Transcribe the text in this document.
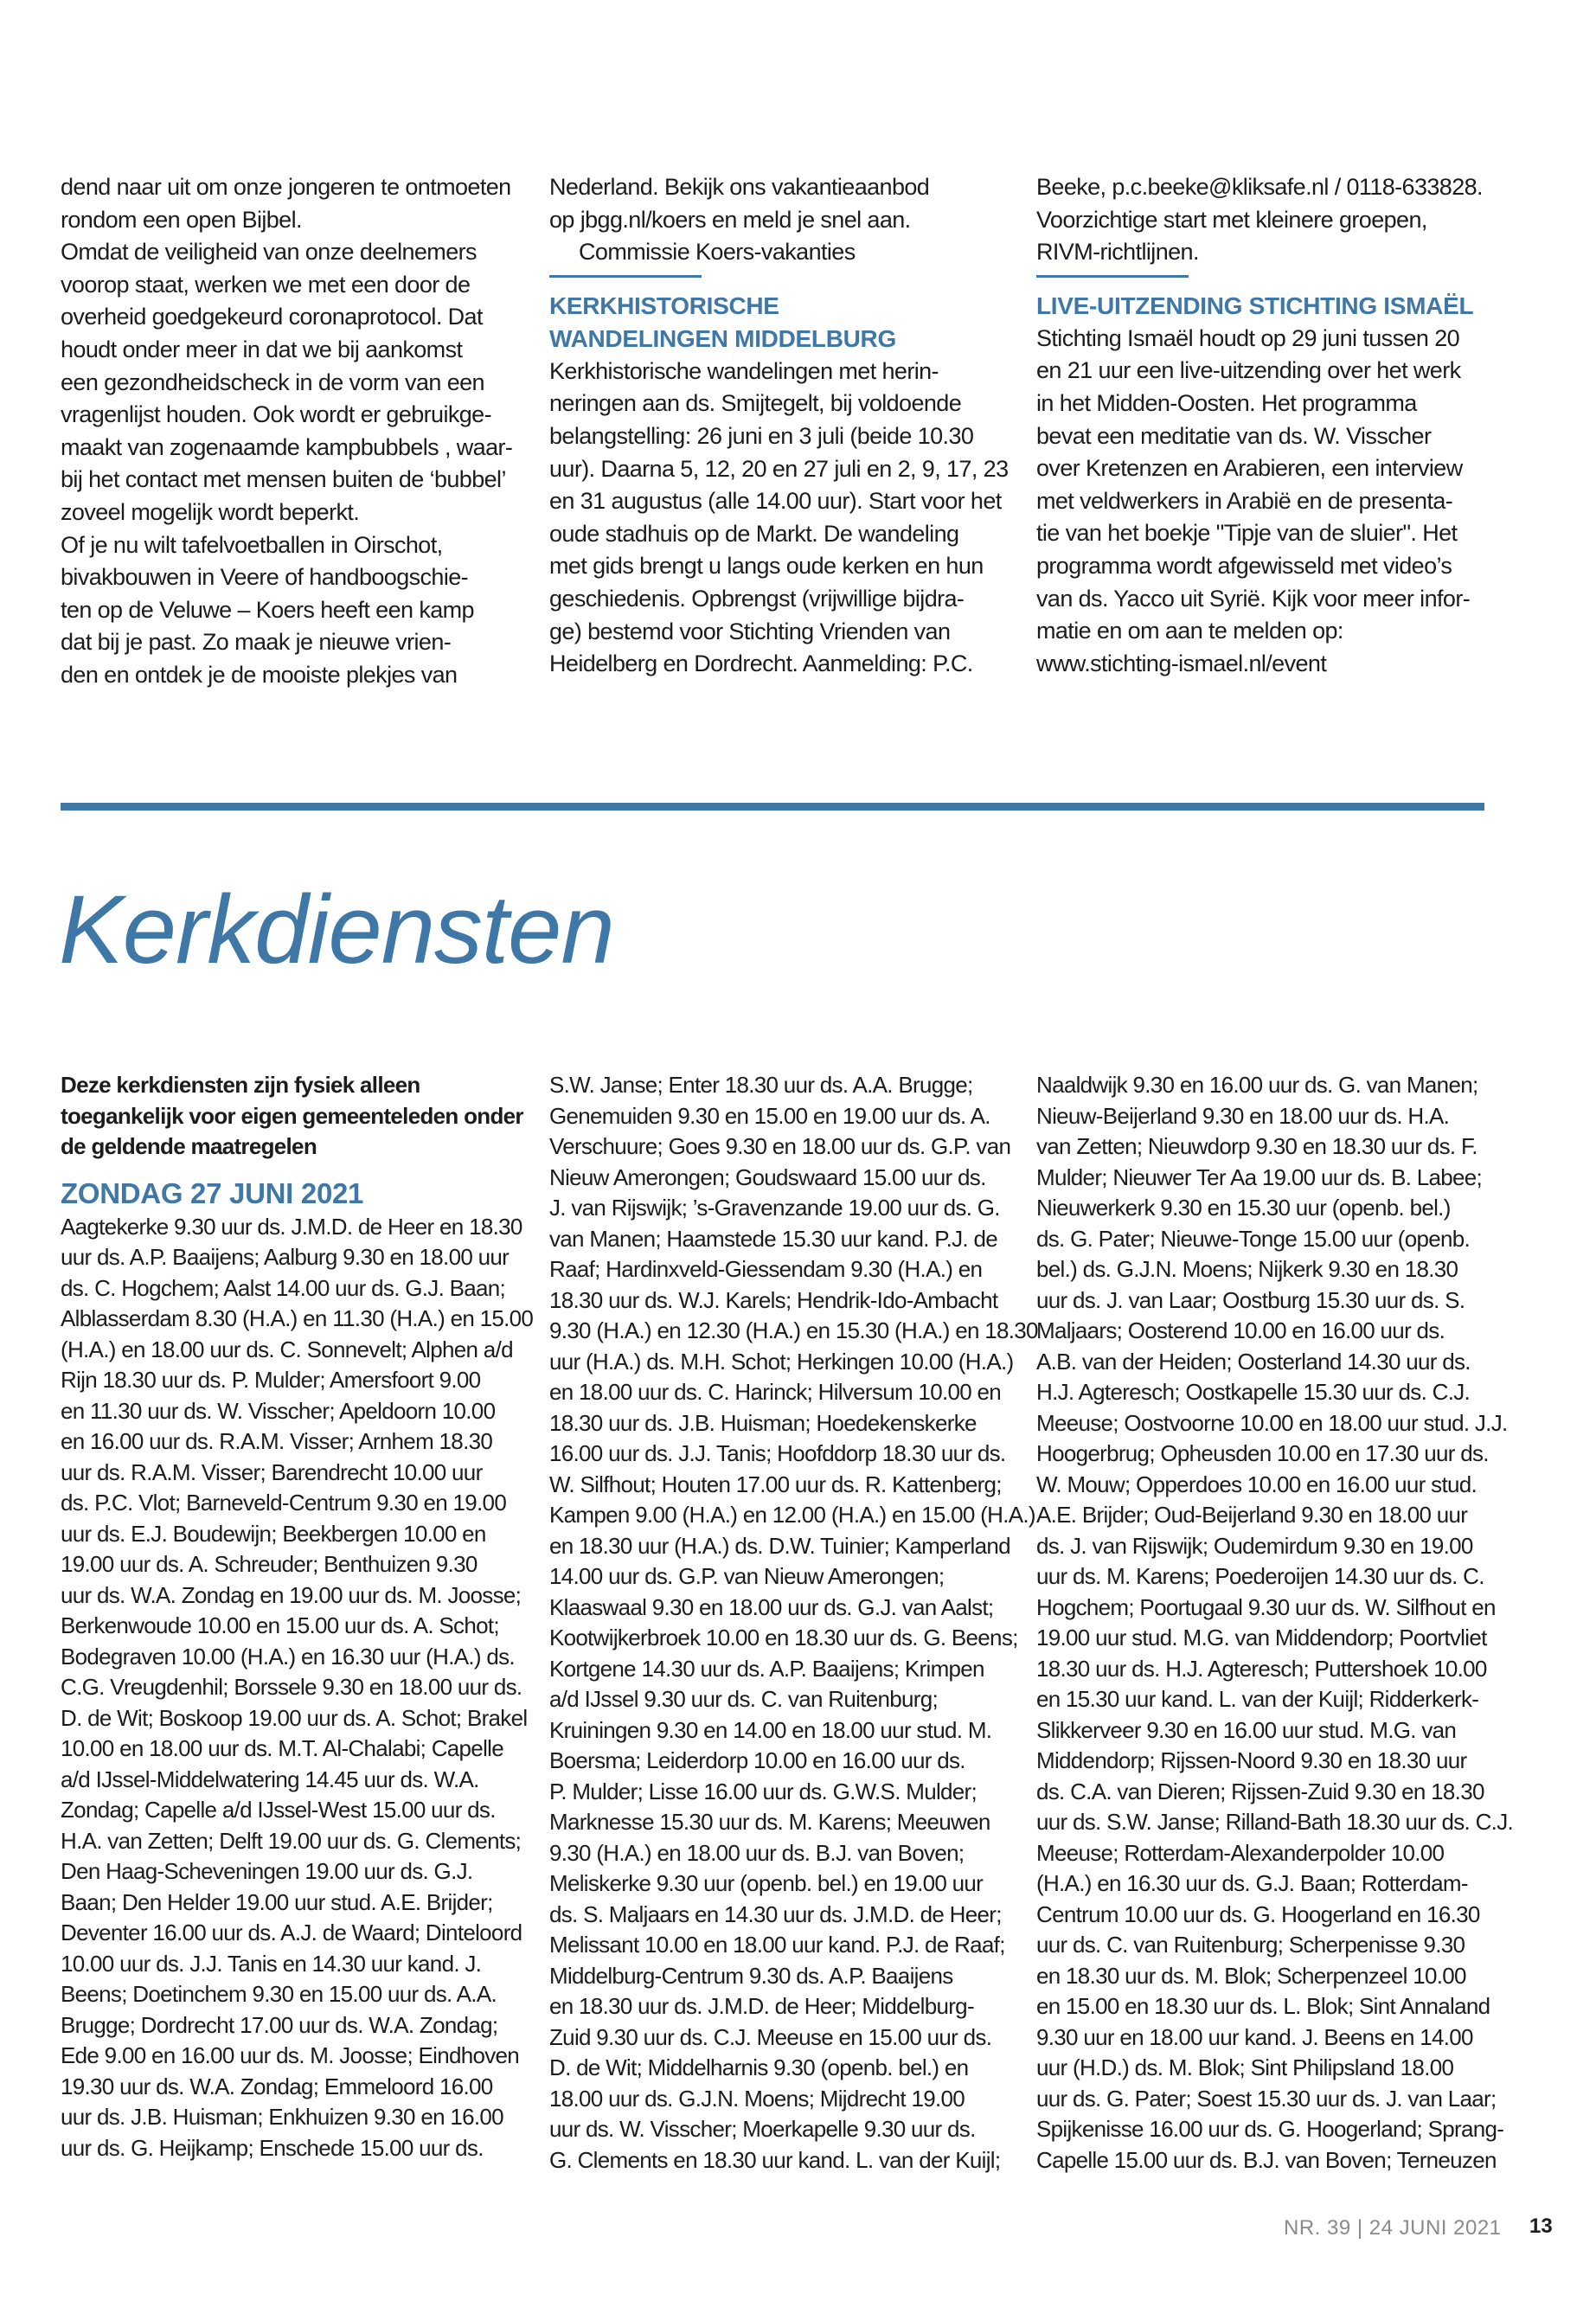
dend naar uit om onze jongeren te ontmoeten
rondom een open Bijbel.
Omdat de veiligheid van onze deelnemers
voorop staat, werken we met een door de
overheid goedgekeurd coronaprotocol. Dat
houdt onder meer in dat we bij aankomst
een gezondheidscheck in de vorm van een
vragenlijst houden. Ook wordt er gebruikge-
maakt van zogenaamde kampbubbels , waar-
bij het contact met mensen buiten de ‘bubbel’
zoveel mogelijk wordt beperkt.
Of je nu wilt tafelvoetballen in Oirschot,
bivakbouwen in Veere of handboogschie-
ten op de Veluwe – Koers heeft een kamp
dat bij je past. Zo maak je nieuwe vrien-
den en ontdek je de mooiste plekjes van
Nederland. Bekijk ons vakantieaanbod
op jbgg.nl/koers en meld je snel aan.
Commissie Koers-vakanties
KERKHISTORISCHE
WANDELINGEN MIDDELBURG
Kerkhistorische wandelingen met herin-
neringen aan ds. Smijtegelt, bij voldoende
belangstelling: 26 juni en 3 juli (beide 10.30
uur). Daarna 5, 12, 20 en 27 juli en 2, 9, 17, 23
en 31 augustus (alle 14.00 uur). Start voor het
oude stadhuis op de Markt. De wandeling
met gids brengt u langs oude kerken en hun
geschiedenis. Opbrengst (vrijwillige bijdra-
ge) bestemd voor Stichting Vrienden van
Heidelberg en Dordrecht. Aanmelding: P.C.
Beeke, p.c.beeke@kliksafe.nl / 0118-633828.
Voorzichtige start met kleinere groepen,
RIVM-richtlijnen.
LIVE-UITZENDING STICHTING ISMAËL
Stichting Ismaël houdt op 29 juni tussen 20
en 21 uur een live-uitzending over het werk
in het Midden-Oosten. Het programma
bevat een meditatie van ds. W. Visscher
over Kretenzen en Arabieren, een interview
met veldwerkers in Arabië en de presenta-
tie van het boekje "Tipje van de sluier". Het
programma wordt afgewisseld met video’s
van ds. Yacco uit Syrië. Kijk voor meer infor-
matie en om aan te melden op:
www.stichting-ismael.nl/event
Kerkdiensten
Deze kerkdiensten zijn fysiek alleen
toegankelijk voor eigen gemeenteleden onder
de geldende maatregelen
ZONDAG 27 JUNI 2021
Aagtekerke 9.30 uur ds. J.M.D. de Heer en 18.30
uur ds. A.P. Baaijens; Aalburg 9.30 en 18.00 uur
ds. C. Hogchem; Aalst 14.00 uur ds. G.J. Baan;
Alblasserdam 8.30 (H.A.) en 11.30 (H.A.) en 15.00
(H.A.) en 18.00 uur ds. C. Sonnevelt; Alphen a/d
Rijn 18.30 uur ds. P. Mulder; Amersfoort 9.00
en 11.30 uur ds. W. Visscher; Apeldoorn 10.00
en 16.00 uur ds. R.A.M. Visser; Arnhem 18.30
uur ds. R.A.M. Visser; Barendrecht 10.00 uur
ds. P.C. Vlot; Barneveld-Centrum 9.30 en 19.00
uur ds. E.J. Boudewijn; Beekbergen 10.00 en
19.00 uur ds. A. Schreuder; Benthuizen 9.30
uur ds. W.A. Zondag en 19.00 uur ds. M. Joosse;
Berkenwoude 10.00 en 15.00 uur ds. A. Schot;
Bodegraven 10.00 (H.A.) en 16.30 uur (H.A.) ds.
C.G. Vreugdenhil; Borssele 9.30 en 18.00 uur ds.
D. de Wit; Boskoop 19.00 uur ds. A. Schot; Brakel
10.00 en 18.00 uur ds. M.T. Al-Chalabi; Capelle
a/d IJssel-Middelwatering 14.45 uur ds. W.A.
Zondag; Capelle a/d IJssel-West 15.00 uur ds.
H.A. van Zetten; Delft 19.00 uur ds. G. Clements;
Den Haag-Scheveningen 19.00 uur ds. G.J.
Baan; Den Helder 19.00 uur stud. A.E. Brijder;
Deventer 16.00 uur ds. A.J. de Waard; Dinteloord
10.00 uur ds. J.J. Tanis en 14.30 uur kand. J.
Beens; Doetinchem 9.30 en 15.00 uur ds. A.A.
Brugge; Dordrecht 17.00 uur ds. W.A. Zondag;
Ede 9.00 en 16.00 uur ds. M. Joosse; Eindhoven
19.30 uur ds. W.A. Zondag; Emmeloord 16.00
uur ds. J.B. Huisman; Enkhuizen 9.30 en 16.00
uur ds. G. Heijkamp; Enschede 15.00 uur ds.
S.W. Janse; Enter 18.30 uur ds. A.A. Brugge;
Genemuiden 9.30 en 15.00 en 19.00 uur ds. A.
Verschuure; Goes 9.30 en 18.00 uur ds. G.P. van
Nieuw Amerongen; Goudswaard 15.00 uur ds.
J. van Rijswijk; ’s-Gravenzande 19.00 uur ds. G.
van Manen; Haamstede 15.30 uur kand. P.J. de
Raaf; Hardinxveld-Giessendam 9.30 (H.A.) en
18.30 uur ds. W.J. Karels; Hendrik-Ido-Ambacht
9.30 (H.A.) en 12.30 (H.A.) en 15.30 (H.A.) en 18.30
uur (H.A.) ds. M.H. Schot; Herkingen 10.00 (H.A.)
en 18.00 uur ds. C. Harinck; Hilversum 10.00 en
18.30 uur ds. J.B. Huisman; Hoedekenskerke
16.00 uur ds. J.J. Tanis; Hoofddorp 18.30 uur ds.
W. Silfhout; Houten 17.00 uur ds. R. Kattenberg;
Kampen 9.00 (H.A.) en 12.00 (H.A.) en 15.00 (H.A.)
en 18.30 uur (H.A.) ds. D.W. Tuinier; Kamperland
14.00 uur ds. G.P. van Nieuw Amerongen;
Klaaswaal 9.30 en 18.00 uur ds. G.J. van Aalst;
Kootwijkerbroek 10.00 en 18.30 uur ds. G. Beens;
Kortgene 14.30 uur ds. A.P. Baaijens; Krimpen
a/d IJssel 9.30 uur ds. C. van Ruitenburg;
Kruiningen 9.30 en 14.00 en 18.00 uur stud. M.
Boersma; Leiderdorp 10.00 en 16.00 uur ds.
P. Mulder; Lisse 16.00 uur ds. G.W.S. Mulder;
Marknesse 15.30 uur ds. M. Karens; Meeuwen
9.30 (H.A.) en 18.00 uur ds. B.J. van Boven;
Meliskerke 9.30 uur (openb. bel.) en 19.00 uur
ds. S. Maljaars en 14.30 uur ds. J.M.D. de Heer;
Melissant 10.00 en 18.00 uur kand. P.J. de Raaf;
Middelburg-Centrum 9.30 ds. A.P. Baaijens
en 18.30 uur ds. J.M.D. de Heer; Middelburg-
Zuid 9.30 uur ds. C.J. Meeuse en 15.00 uur ds.
D. de Wit; Middelharnis 9.30 (openb. bel.) en
18.00 uur ds. G.J.N. Moens; Mijdrecht 19.00
uur ds. W. Visscher; Moerkapelle 9.30 uur ds.
G. Clements en 18.30 uur kand. L. van der Kuijl;
Naaldwijk 9.30 en 16.00 uur ds. G. van Manen;
Nieuw-Beijerland 9.30 en 18.00 uur ds. H.A.
van Zetten; Nieuwdorp 9.30 en 18.30 uur ds. F.
Mulder; Nieuwer Ter Aa 19.00 uur ds. B. Labee;
Nieuwerkerk 9.30 en 15.30 uur (openb. bel.)
ds. G. Pater; Nieuwe-Tonge 15.00 uur (openb.
bel.) ds. G.J.N. Moens; Nijkerk 9.30 en 18.30
uur ds. J. van Laar; Oostburg 15.30 uur ds. S.
Maljaars; Oosterend 10.00 en 16.00 uur ds.
A.B. van der Heiden; Oosterland 14.30 uur ds.
H.J. Agteresch; Oostkapelle 15.30 uur ds. C.J.
Meeuse; Oostvoorne 10.00 en 18.00 uur stud. J.J.
Hoogerbrug; Opheusden 10.00 en 17.30 uur ds.
W. Mouw; Opperdoes 10.00 en 16.00 uur stud.
A.E. Brijder; Oud-Beijerland 9.30 en 18.00 uur
ds. J. van Rijswijk; Oudemirdum 9.30 en 19.00
uur ds. M. Karens; Poederoijen 14.30 uur ds. C.
Hogchem; Poortugaal 9.30 uur ds. W. Silfhout en
19.00 uur stud. M.G. van Middendorp; Poortvliet
18.30 uur ds. H.J. Agteresch; Puttershoek 10.00
en 15.30 uur kand. L. van der Kuijl; Ridderkerk-
Slikkerveer 9.30 en 16.00 uur stud. M.G. van
Middendorp; Rijssen-Noord 9.30 en 18.30 uur
ds. C.A. van Dieren; Rijssen-Zuid 9.30 en 18.30
uur ds. S.W. Janse; Rilland-Bath 18.30 uur ds. C.J.
Meeuse; Rotterdam-Alexanderpolder 10.00
(H.A.) en 16.30 uur ds. G.J. Baan; Rotterdam-
Centrum 10.00 uur ds. G. Hoogerland en 16.30
uur ds. C. van Ruitenburg; Scherpenisse 9.30
en 18.30 uur ds. M. Blok; Scherpenzeel 10.00
en 15.00 en 18.30 uur ds. L. Blok; Sint Annaland
9.30 uur en 18.00 uur kand. J. Beens en 14.00
uur (H.D.) ds. M. Blok; Sint Philipsland 18.00
uur ds. G. Pater; Soest 15.30 uur ds. J. van Laar;
Spijkenisse 16.00 uur ds. G. Hoogerland; Sprang-
Capelle 15.00 uur ds. B.J. van Boven; Terneuzen
NR. 39 | 24 JUNI 2021 13
